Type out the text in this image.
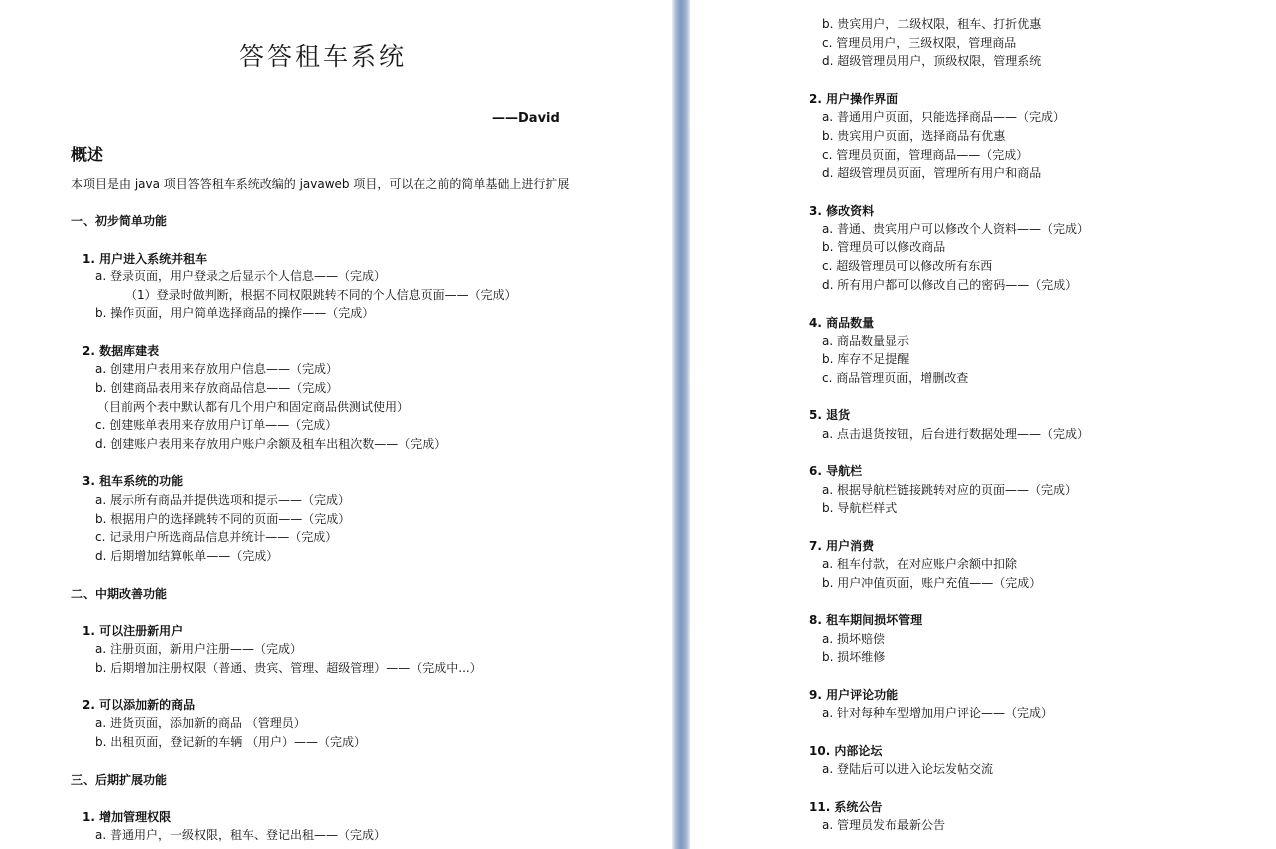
答答租车系统
——David
概述
本项目是由 java 项目答答租车系统改编的 javaweb 项目，可以在之前的简单基础上进行扩展
一、初步简单功能
1. 用户进入系统并租车
a. 登录页面，用户登录之后显示个人信息——（完成）
（1）登录时做判断，根据不同权限跳转不同的个人信息页面——（完成）
b. 操作页面，用户简单选择商品的操作——（完成）
2. 数据库建表
a. 创建用户表用来存放用户信息——（完成）
b. 创建商品表用来存放商品信息——（完成）
（目前两个表中默认都有几个用户和固定商品供测试使用）
c. 创建账单表用来存放用户订单——（完成）
d. 创建账户表用来存放用户账户余额及租车出租次数——（完成）
3. 租车系统的功能
a. 展示所有商品并提供选项和提示——（完成）
b. 根据用户的选择跳转不同的页面——（完成）
c. 记录用户所选商品信息并统计——（完成）
d. 后期增加结算帐单——（完成）
二、中期改善功能
1. 可以注册新用户
a. 注册页面，新用户注册——（完成）
b. 后期增加注册权限（普通、贵宾、管理、超级管理）——（完成中...）
2. 可以添加新的商品
a. 进货页面，添加新的商品 （管理员）
b. 出租页面，登记新的车辆 （用户）——（完成）
三、后期扩展功能
1. 增加管理权限
a. 普通用户，一级权限，租车、登记出租——（完成）
b. 贵宾用户，二级权限，租车、打折优惠
c. 管理员用户，三级权限，管理商品
d. 超级管理员用户，顶级权限，管理系统
2. 用户操作界面
a. 普通用户页面，只能选择商品——（完成）
b. 贵宾用户页面，选择商品有优惠
c. 管理员页面，管理商品——（完成）
d. 超级管理员页面，管理所有用户和商品
3. 修改资料
a. 普通、贵宾用户可以修改个人资料——（完成）
b. 管理员可以修改商品
c. 超级管理员可以修改所有东西
d. 所有用户都可以修改自己的密码——（完成）
4. 商品数量
a. 商品数量显示
b. 库存不足提醒
c. 商品管理页面，增删改查
5. 退货
a. 点击退货按钮，后台进行数据处理——（完成）
6. 导航栏
a. 根据导航栏链接跳转对应的页面——（完成）
b. 导航栏样式
7. 用户消费
a. 租车付款，在对应账户余额中扣除
b. 用户冲值页面，账户充值——（完成）
8. 租车期间损坏管理
a. 损坏赔偿
b. 损坏维修
9. 用户评论功能
a. 针对每种车型增加用户评论——（完成）
10. 内部论坛
a. 登陆后可以进入论坛发帖交流
11. 系统公告
a. 管理员发布最新公告
